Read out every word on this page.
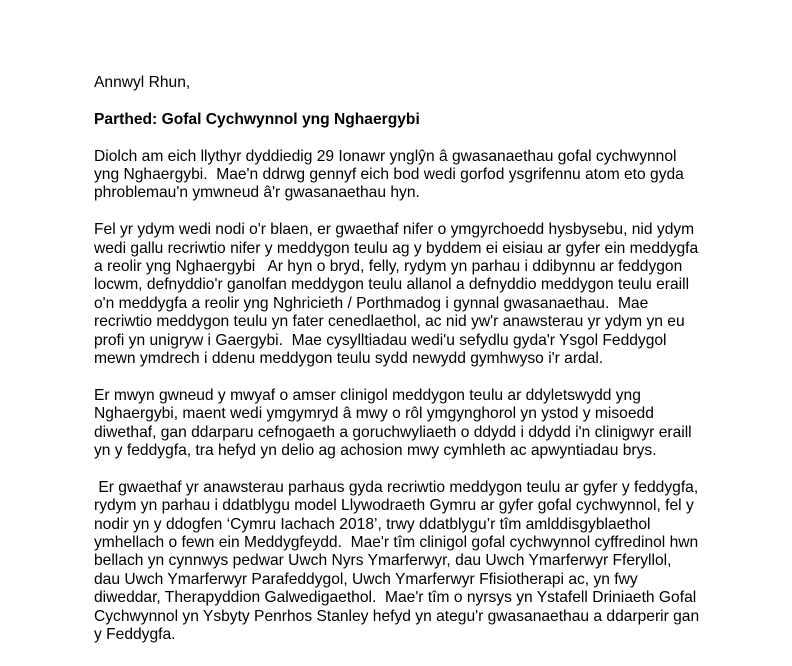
Annwyl Rhun,

Parthed: Gofal Cychwynnol yng Nghaergybi

Diolch am eich llythyr dyddiedig 29 Ionawr ynglŷn â gwasanaethau gofal cychwynnol
yng Nghaergybi.  Mae'n ddrwg gennyf eich bod wedi gorfod ysgrifennu atom eto gyda
phroblemau'n ymwneud â'r gwasanaethau hyn.

Fel yr ydym wedi nodi o'r blaen, er gwaethaf nifer o ymgyrchoedd hysbysebu, nid ydym
wedi gallu recriwtio nifer y meddygon teulu ag y byddem ei eisiau ar gyfer ein meddygfa
a reolir yng Nghaergybi   Ar hyn o bryd, felly, rydym yn parhau i ddibynnu ar feddygon
locwm, defnyddio'r ganolfan meddygon teulu allanol a defnyddio meddygon teulu eraill
o'n meddygfa a reolir yng Nghricieth / Porthmadog i gynnal gwasanaethau.  Mae
recriwtio meddygon teulu yn fater cenedlaethol, ac nid yw'r anawsterau yr ydym yn eu
profi yn unigryw i Gaergybi.  Mae cysylltiadau wedi'u sefydlu gyda'r Ysgol Feddygol
mewn ymdrech i ddenu meddygon teulu sydd newydd gymhwyso i'r ardal.

Er mwyn gwneud y mwyaf o amser clinigol meddygon teulu ar ddyletswydd yng
Nghaergybi, maent wedi ymgymryd â mwy o rôl ymgynghorol yn ystod y misoedd
diwethaf, gan ddarparu cefnogaeth a goruchwyliaeth o ddydd i ddydd i'n clinigwyr eraill
yn y feddygfa, tra hefyd yn delio ag achosion mwy cymhleth ac apwyntiadau brys.

Er gwaethaf yr anawsterau parhaus gyda recriwtio meddygon teulu ar gyfer y feddygfa,
rydym yn parhau i ddatblygu model Llywodraeth Gymru ar gyfer gofal cychwynnol, fel y
nodir yn y ddogfen ‘Cymru Iachach 2018’, trwy ddatblygu’r tîm amlddisgyblaethol
ymhellach o fewn ein Meddygfeydd.  Mae'r tîm clinigol gofal cychwynnol cyffredinol hwn
bellach yn cynnwys pedwar Uwch Nyrs Ymarferwyr, dau Uwch Ymarferwyr Fferyllol,
dau Uwch Ymarferwyr Parafeddygol, Uwch Ymarferwyr Ffisiotherapi ac, yn fwy
diweddar, Therapyddion Galwedigaethol.  Mae'r tîm o nyrsys yn Ystafell Driniaeth Gofal
Cychwynnol yn Ysbyty Penrhos Stanley hefyd yn ategu'r gwasanaethau a ddarperir gan
y Feddygfa.
